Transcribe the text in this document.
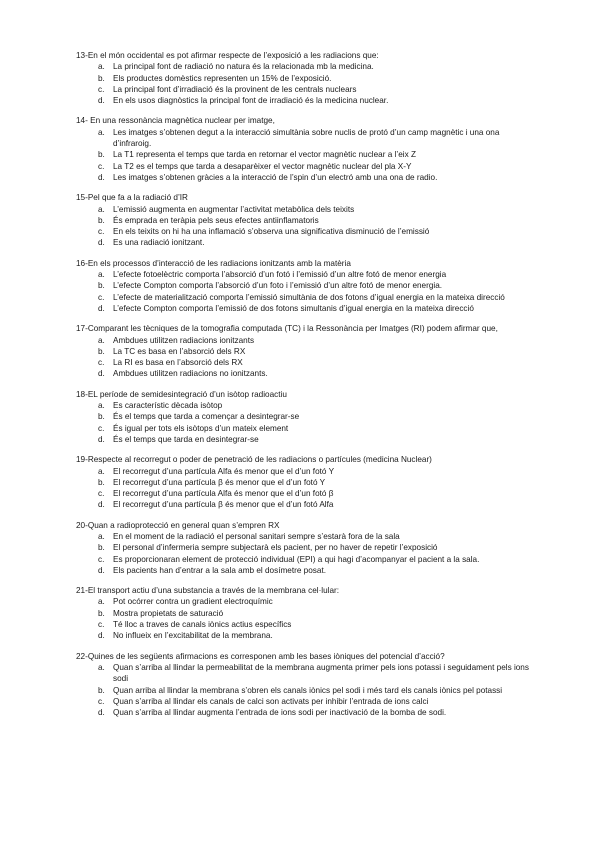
13-En el món occidental es pot afirmar respecte de l’exposició a les radiacions que:
a. La principal font de radiació no natura és la relacionada mb la medicina.
b. Els productes domèstics representen un 15% de l’exposició.
c. La principal font d’irradiació és la provinent de les centrals nuclears
d. En els usos diagnòstics la principal font de irradiació és la medicina nuclear.
14- En una ressonància magnètica nuclear per imatge,
a. Les imatges s’obtenen degut a la interacció simultània sobre nuclis de protó d’un camp magnètic i una ona d’infraroig.
b. La T1 representa el temps que tarda en retornar el vector magnètic nuclear a l’eix Z
c. La T2 es el temps que tarda a desaparèixer el vector magnètic nuclear del pla X-Y
d. Les imatges s’obtenen gràcies a la interacció de l’spin d’un electró amb una ona de radio.
15-Pel que fa a la radiació d’IR
a. L’emissió augmenta en augmentar l’activitat metabòlica dels teixits
b. És emprada en teràpia pels seus efectes antiinflamatoris
c. En els teixits on hi ha una inflamació s’observa una significativa disminució de l’emissió
d. Es una radiació ionitzant.
16-En els processos d’interacció de les radiacions ionitzants amb la matèria
a. L’efecte fotoelèctric comporta l’absorció d’un fotó i l’emissió d’un altre fotó de menor energia
b. L’efecte Compton comporta l’absorció d’un foto i l’emissió d’un altre fotó de menor energia.
c. L’efecte de materialització comporta l’emissió simultània de dos fotons d’igual energia en la mateixa direcció
d. L’efecte Compton comporta l’emissió de dos fotons simultanis d’igual energia en la mateixa direcció
17-Comparant les tècniques de la tomografia computada (TC) i la Ressonància per Imatges (RI) podem afirmar que,
a. Ambdues utilitzen radiacions ionitzants
b. La TC es basa en l’absorció dels RX
c. La RI es basa en l’absorció dels RX
d. Ambdues utilitzen radiacions no ionitzants.
18-EL període de semidesintegració d’un isòtop radioactiu
a. Es característic dècada isòtop
b. És el temps que tarda a començar a desintegrar-se
c. És igual per tots els isòtops d’un mateix element
d. És el temps que tarda en desintegrar-se
19-Respecte al recorregut o poder de penetració de les radiacions o partícules (medicina Nuclear)
a. El recorregut d’una partícula Alfa és menor que el d’un fotó Y
b. El recorregut d’una partícula β és menor que el d’un fotó Y
c. El recorregut d’una partícula Alfa és menor que el d’un fotó β
d. El recorregut d’una partícula β és menor que el d’un fotó Alfa
20-Quan a radioprotecció en general quan s’empren RX
a. En el moment de la radiació el personal sanitari sempre s’estarà fora de la sala
b. El personal d’infermeria sempre subjectarà els pacient, per no haver de repetir l’exposició
c. Es proporcionaran element de protecció individual (EPI) a qui hagi d’acompanyar el pacient a la sala.
d. Els pacients han d’entrar a la sala amb el dosímetre posat.
21-El transport actiu d’una substancia a través de la membrana cel·lular:
a. Pot ocórrer contra un gradient electroquímic
b. Mostra propietats de saturació
c. Té lloc a traves de canals iònics actius específics
d. No influeix en l’excitabilitat de la membrana.
22-Quines de les següents afirmacions es corresponen amb les bases iòniques del potencial d’acció?
a. Quan s’arriba al llindar la permeabilitat de la membrana augmenta primer pels ions potassi i seguidament pels ions sodi
b. Quan arriba al llindar la membrana s’obren els canals iònics pel sodi i més tard els canals iònics pel potassi
c. Quan s’arriba al llindar els canals de calci son activats per inhibir l’entrada de ions calci
d. Quan s’arriba al llindar augmenta l’entrada de ions sodi per inactivació de la bomba de sodi.
